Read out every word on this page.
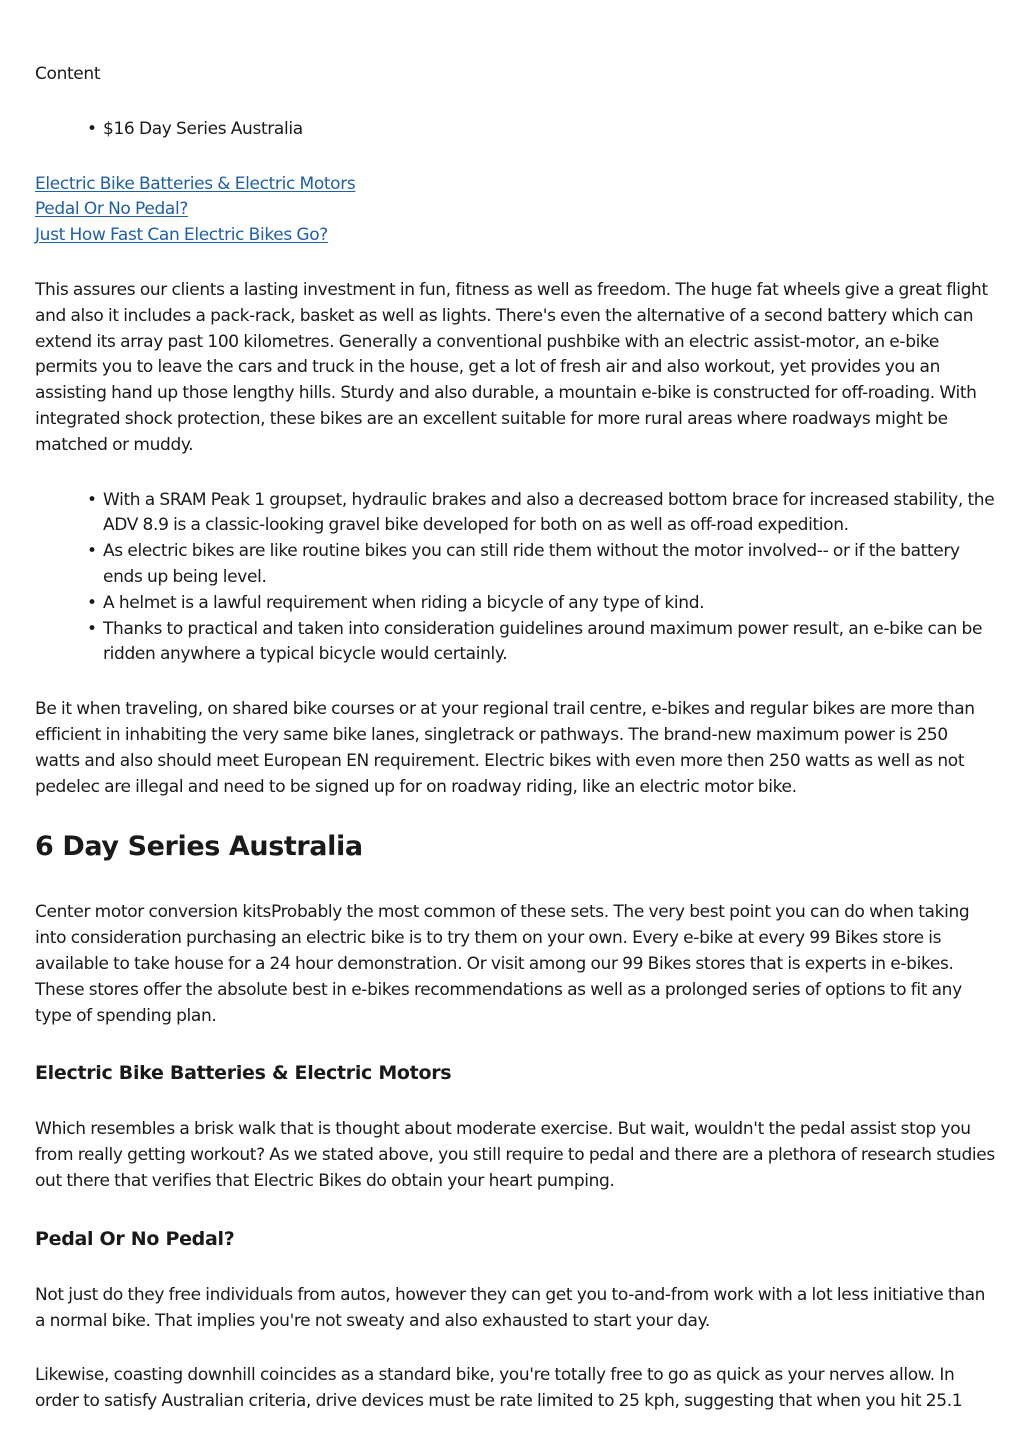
Content
• $16 Day Series Australia
Electric Bike Batteries & Electric Motors
Pedal Or No Pedal?
Just How Fast Can Electric Bikes Go?

This assures our clients a lasting investment in fun, fitness as well as freedom. The huge fat wheels give a great flight and also it includes a pack-rack, basket as well as lights. There's even the alternative of a second battery which can extend its array past 100 kilometres. Generally a conventional pushbike with an electric assist-motor, an e-bike permits you to leave the cars and truck in the house, get a lot of fresh air and also workout, yet provides you an assisting hand up those lengthy hills. Sturdy and also durable, a mountain e-bike is constructed for off-roading. With integrated shock protection, these bikes are an excellent suitable for more rural areas where roadways might be matched or muddy.

• With a SRAM Peak 1 groupset, hydraulic brakes and also a decreased bottom brace for increased stability, the ADV 8.9 is a classic-looking gravel bike developed for both on as well as off-road expedition.
• As electric bikes are like routine bikes you can still ride them without the motor involved-- or if the battery ends up being level.
• A helmet is a lawful requirement when riding a bicycle of any type of kind.
• Thanks to practical and taken into consideration guidelines around maximum power result, an e-bike can be ridden anywhere a typical bicycle would certainly.

Be it when traveling, on shared bike courses or at your regional trail centre, e-bikes and regular bikes are more than efficient in inhabiting the very same bike lanes, singletrack or pathways. The brand-new maximum power is 250 watts and also should meet European EN requirement. Electric bikes with even more then 250 watts as well as not pedelec are illegal and need to be signed up for on roadway riding, like an electric motor bike.

6 Day Series Australia

Center motor conversion kitsProbably the most common of these sets. The very best point you can do when taking into consideration purchasing an electric bike is to try them on your own. Every e-bike at every 99 Bikes store is available to take house for a 24 hour demonstration. Or visit among our 99 Bikes stores that is experts in e-bikes. These stores offer the absolute best in e-bikes recommendations as well as a prolonged series of options to fit any type of spending plan.

Electric Bike Batteries & Electric Motors

Which resembles a brisk walk that is thought about moderate exercise. But wait, wouldn't the pedal assist stop you from really getting workout? As we stated above, you still require to pedal and there are a plethora of research studies out there that verifies that Electric Bikes do obtain your heart pumping.

Pedal Or No Pedal?

Not just do they free individuals from autos, however they can get you to-and-from work with a lot less initiative than a normal bike. That implies you're not sweaty and also exhausted to start your day.

Likewise, coasting downhill coincides as a standard bike, you're totally free to go as quick as your nerves allow. In order to satisfy Australian criteria, drive devices must be rate limited to 25 kph, suggesting that when you hit 25.1
